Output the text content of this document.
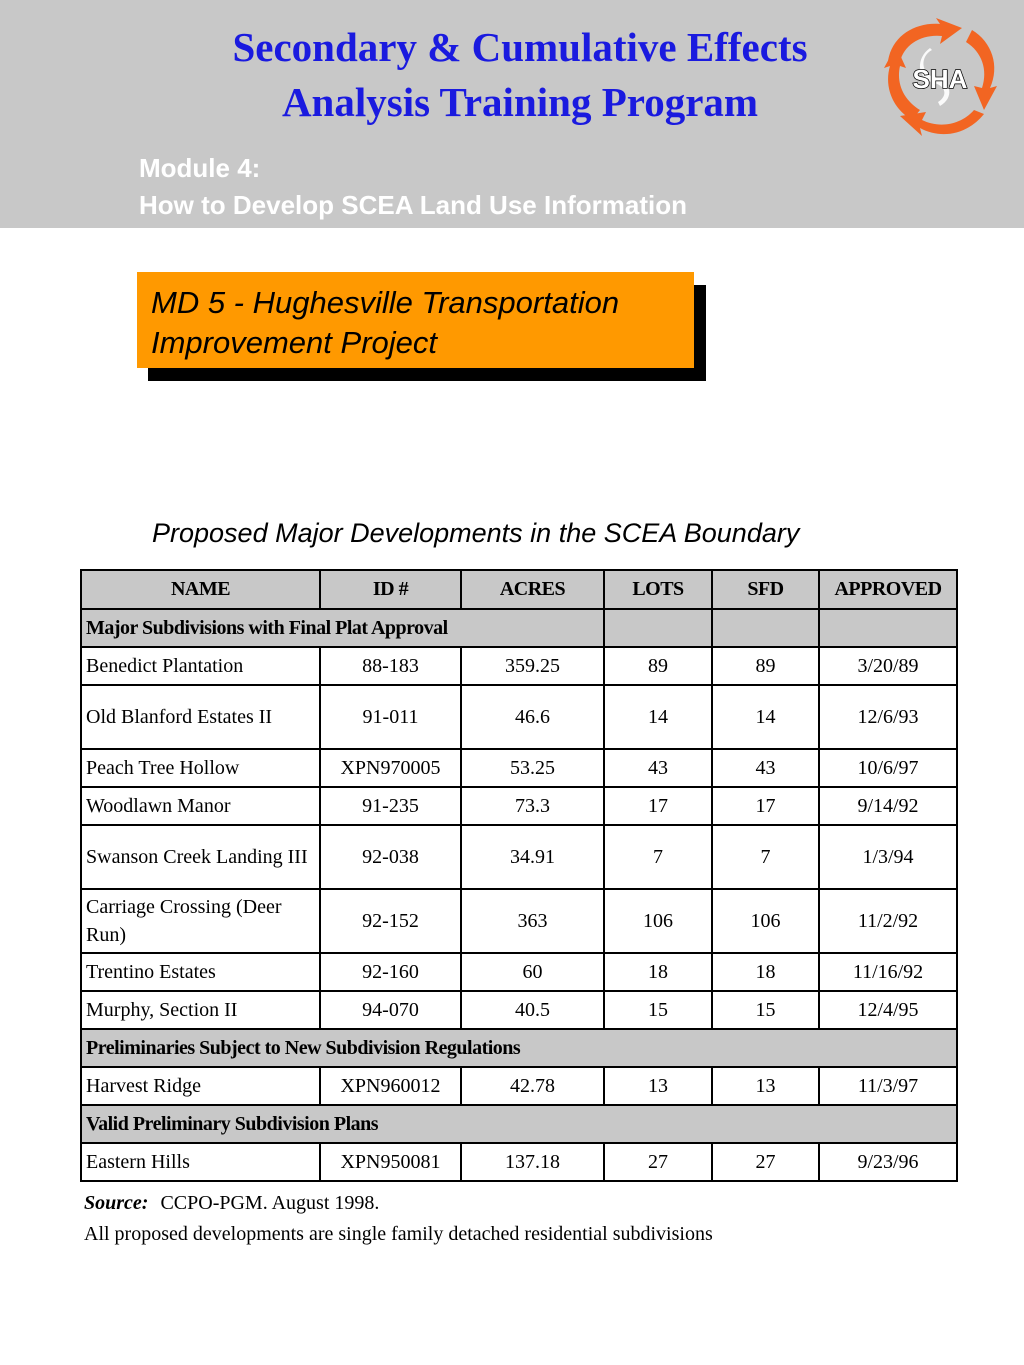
Secondary & Cumulative Effects
Analysis Training Program
Module 4:
How to Develop SCEA Land Use Information
SHA
MD 5 - Hughesville Transportation
Improvement Project
Proposed Major Developments in the SCEA Boundary
NAME	ID #	ACRES	LOTS	SFD	APPROVED
Major Subdivisions with Final Plat Approval					
Benedict Plantation	88-183	359.25	89	89	3/20/89
Old Blanford Estates II	91-011	46.6	14	14	12/6/93
Peach Tree Hollow	XPN970005	53.25	43	43	10/6/97
Woodlawn Manor	91-235	73.3	17	17	9/14/92
Swanson Creek Landing III	92-038	34.91	7	7	1/3/94
Carriage Crossing (Deer Run)	92-152	363	106	106	11/2/92
Trentino Estates	92-160	60	18	18	11/16/92
Murphy, Section II	94-070	40.5	15	15	12/4/95
Preliminaries Subject to New Subdivision Regulations					
Harvest Ridge	XPN960012	42.78	13	13	11/3/97
Valid Preliminary Subdivision Plans					
Eastern Hills	XPN950081	137.18	27	27	9/23/96
Source: CCPO-PGM. August 1998.
All proposed developments are single family detached residential subdivisions
